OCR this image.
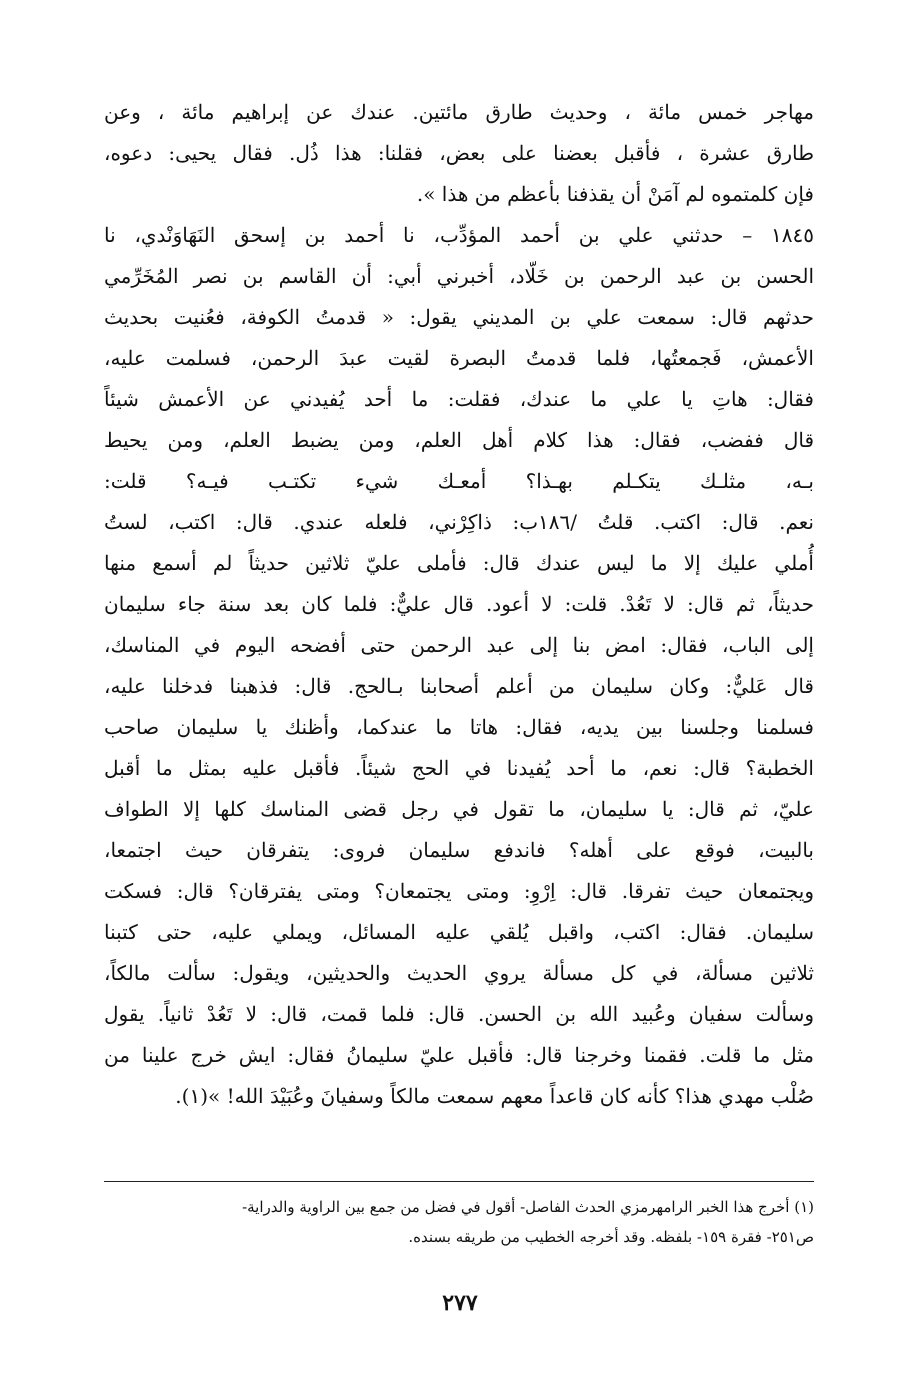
مهاجر خمس مائة ، وحديث طارق مائتين. عندك عن إبراهيم مائة ، وعن
طارق عشرة ، فأقبل بعضنا على بعض، فقلنا: هذا ذُل. فقال يحيى: دعوه،
فإن كلمتموه لم آمَنْ أن يقذفنا بأعظم من هذا ».
١٨٤٥ – حدثني علي بن أحمد المؤدِّب، نا أحمد بن إسحق النَهَاوَنْدي، نا
الحسن بن عبد الرحمن بن خَلّاد، أخبرني أبي: أن القاسم بن نصر المُخَرِّمي
حدثهم قال: سمعت علي بن المديني يقول: « قدمتُ الكوفة، فعُنيت بحديث
الأعمش، فَجمعتُها، فلما قدمتُ البصرة لقيت عبدَ الرحمن، فسلمت عليه،
فقال: هاتِ يا علي ما عندك، فقلت: ما أحد يُفيدني عن الأعمش شيئاً
قال ففضب، فقال: هذا كلام أهل العلم، ومن يضبط العلم، ومن يحيط
بـه، مثلـك يتكـلم بهـذا؟ أمعـك شيء تكتـب فيـه؟ قلت:
نعم. قال: اكتب. قلتُ /١٨٦ب: ذاكِرْني، فلعله عندي. قال: اكتب، لستُ
أُملي عليك إلا ما ليس عندك قال: فأملى عليّ ثلاثين حديثاً لم أسمع منها
حديثاً، ثم قال: لا تَعُدْ. قلت: لا أعود. قال عليٌّ: فلما كان بعد سنة جاء سليمان
إلى الباب، فقال: امض بنا إلى عبد الرحمن حتى أفضحه اليوم في المناسك،
قال عَليٌّ: وكان سليمان من أعلم أصحابنا بـالحج. قال: فذهبنا فدخلنا عليه،
فسلمنا وجلسنا بين يديه، فقال: هاتا ما عندكما، وأظنك يا سليمان صاحب
الخطبة؟ قال: نعم، ما أحد يُفيدنا في الحج شيئاً. فأقبل عليه بمثل ما أقبل
عليّ، ثم قال: يا سليمان، ما تقول في رجل قضى المناسك كلها إلا الطواف
بالبيت، فوقع على أهله؟ فاندفع سليمان فروى: يتفرقان حيث اجتمعا،
ويجتمعان حيث تفرقا. قال: اِرْوِ: ومتى يجتمعان؟ ومتى يفترقان؟ قال: فسكت
سليمان. فقال: اكتب، واقبل يُلقي عليه المسائل، ويملي عليه، حتى كتبنا
ثلاثين مسألة، في كل مسألة يروي الحديث والحديثين، ويقول: سألت مالكاً،
وسألت سفيان وعُبيد الله بن الحسن. قال: فلما قمت، قال: لا تَعُدْ ثانياً. يقول
مثل ما قلت. فقمنا وخرجنا قال: فأقبل عليّ سليمانُ فقال: ايش خرج علينا من
صُلْب مهدي هذا؟ كأنه كان قاعداً معهم سمعت مالكاً وسفيانَ وعُبَيْدَ الله! »(١).
(١) أخرج هذا الخبر الرامهرمزي الحدث الفاصل- أقول في فضل من جمع بين الراوية والدراية-
ص٢٥١- فقرة ١٥٩- بلفظه. وقد أخرجه الخطيب من طريقه بسنده.
٢٧٧
